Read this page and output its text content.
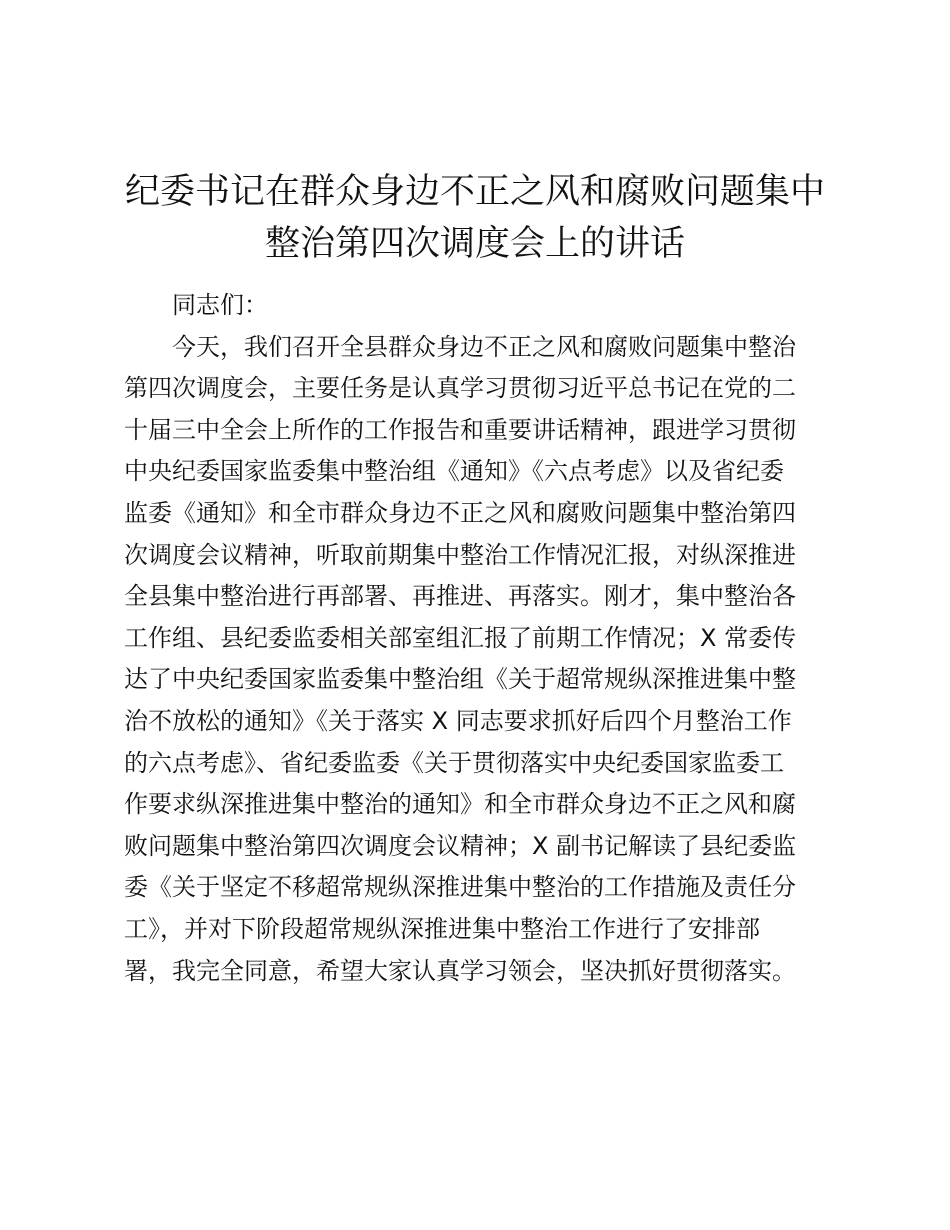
纪委书记在群众身边不正之风和腐败问题集中
整治第四次调度会上的讲话
同志们：
今天，我们召开全县群众身边不正之风和腐败问题集中整治
第四次调度会，主要任务是认真学习贯彻习近平总书记在党的二
十届三中全会上所作的工作报告和重要讲话精神，跟进学习贯彻
中央纪委国家监委集中整治组《通知》《六点考虑》以及省纪委
监委《通知》和全市群众身边不正之风和腐败问题集中整治第四
次调度会议精神，听取前期集中整治工作情况汇报，对纵深推进
全县集中整治进行再部署、再推进、再落实。刚才，集中整治各
工作组、县纪委监委相关部室组汇报了前期工作情况；X 常委传
达了中央纪委国家监委集中整治组《关于超常规纵深推进集中整
治不放松的通知》《关于落实 X 同志要求抓好后四个月整治工作
的六点考虑》、省纪委监委《关于贯彻落实中央纪委国家监委工
作要求纵深推进集中整治的通知》和全市群众身边不正之风和腐
败问题集中整治第四次调度会议精神；X 副书记解读了县纪委监
委《关于坚定不移超常规纵深推进集中整治的工作措施及责任分
工》，并对下阶段超常规纵深推进集中整治工作进行了安排部
署，我完全同意，希望大家认真学习领会，坚决抓好贯彻落实。
